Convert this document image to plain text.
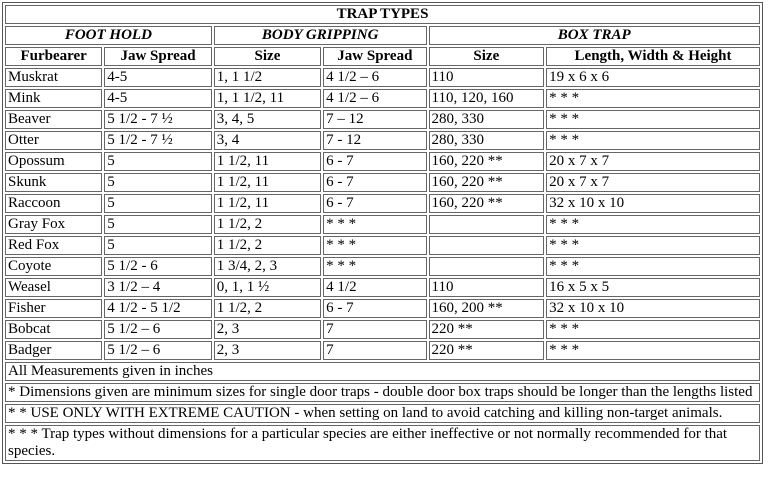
TRAP TYPES					
FOOT HOLD		BODY GRIPPING		BOX TRAP	
Furbearer	Jaw Spread	Size	Jaw Spread	Size	Length, Width & Height
Muskrat	4-5	1, 1 1/2	4 1/2 – 6	110	19 x 6 x 6
Mink	4-5	1, 1 1/2, 11	4 1/2 – 6	110, 120, 160	* * *
Beaver	5 1/2 - 7 ½	3, 4, 5	7 – 12	280, 330	* * *
Otter	5 1/2 - 7 ½	3, 4	7 - 12	280, 330	* * *
Opossum	5	1 1/2, 11	6 - 7	160, 220 **	20 x 7 x 7
Skunk	5	1 1/2, 11	6 - 7	160, 220 **	20 x 7 x 7
Raccoon	5	1 1/2, 11	6 - 7	160, 220 **	32 x 10 x 10
Gray Fox	5	1 1/2, 2	* * *		* * *
Red Fox	5	1 1/2, 2	* * *		* * *
Coyote	5 1/2 - 6	1 3/4, 2, 3	* * *		* * *
Weasel	3 1/2 – 4	0, 1, 1 ½	4 1/2	110	16 x 5 x 5
Fisher	4 1/2 - 5 1/2	1 1/2, 2	6 - 7	160, 200 **	32 x 10 x 10
Bobcat	5 1/2 – 6	2, 3	7	220 **	* * *
Badger	5 1/2 – 6	2, 3	7	220 **	* * *
All Measurements given in inches					
* Dimensions given are minimum sizes for single door traps - double door box traps should be longer than the lengths listed					
* * USE ONLY WITH EXTREME CAUTION - when setting on land to avoid catching and killing non-target animals.					
* * * Trap types without dimensions for a particular species are either ineffective or not normally recommended for that species.					
